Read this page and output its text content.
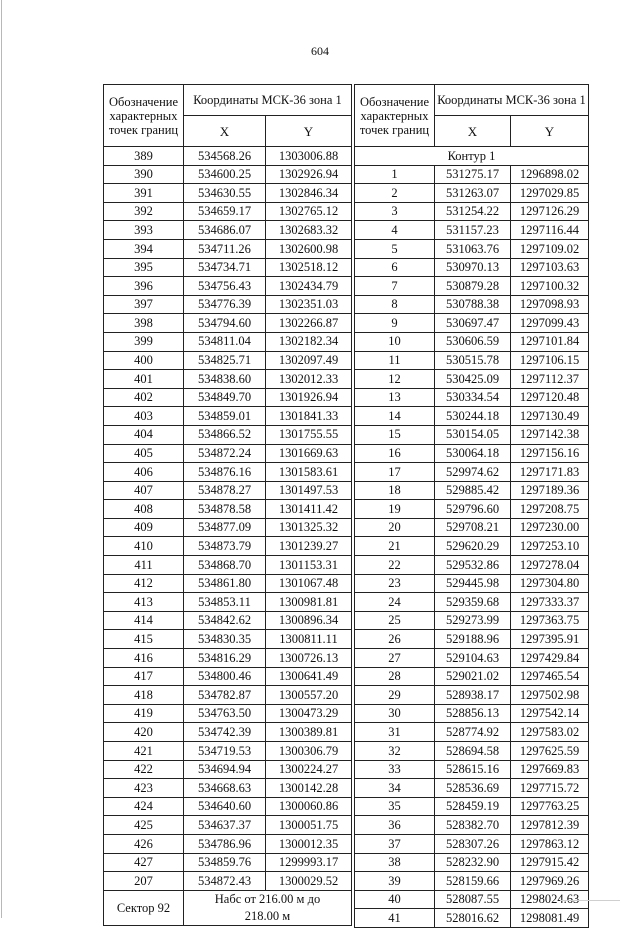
604
Обозначение характерных точек границ	Координаты МСК-36 зона 1	
	X	Y
389	534568.26	1303006.88
390	534600.25	1302926.94
391	534630.55	1302846.34
392	534659.17	1302765.12
393	534686.07	1302683.32
394	534711.26	1302600.98
395	534734.71	1302518.12
396	534756.43	1302434.79
397	534776.39	1302351.03
398	534794.60	1302266.87
399	534811.04	1302182.34
400	534825.71	1302097.49
401	534838.60	1302012.33
402	534849.70	1301926.94
403	534859.01	1301841.33
404	534866.52	1301755.55
405	534872.24	1301669.63
406	534876.16	1301583.61
407	534878.27	1301497.53
408	534878.58	1301411.42
409	534877.09	1301325.32
410	534873.79	1301239.27
411	534868.70	1301153.31
412	534861.80	1301067.48
413	534853.11	1300981.81
414	534842.62	1300896.34
415	534830.35	1300811.11
416	534816.29	1300726.13
417	534800.46	1300641.49
418	534782.87	1300557.20
419	534763.50	1300473.29
420	534742.39	1300389.81
421	534719.53	1300306.79
422	534694.94	1300224.27
423	534668.63	1300142.28
424	534640.60	1300060.86
425	534637.37	1300051.75
426	534786.96	1300012.35
427	534859.76	1299993.17
207	534872.43	1300029.52
Сектор 92	Набс от 216.00 м до 218.00 м	

Обозначение характерных точек границ	Координаты МСК-36 зона 1	
	X	Y
Контур 1		
1	531275.17	1296898.02
2	531263.07	1297029.85
3	531254.22	1297126.29
4	531157.23	1297116.44
5	531063.76	1297109.02
6	530970.13	1297103.63
7	530879.28	1297100.32
8	530788.38	1297098.93
9	530697.47	1297099.43
10	530606.59	1297101.84
11	530515.78	1297106.15
12	530425.09	1297112.37
13	530334.54	1297120.48
14	530244.18	1297130.49
15	530154.05	1297142.38
16	530064.18	1297156.16
17	529974.62	1297171.83
18	529885.42	1297189.36
19	529796.60	1297208.75
20	529708.21	1297230.00
21	529620.29	1297253.10
22	529532.86	1297278.04
23	529445.98	1297304.80
24	529359.68	1297333.37
25	529273.99	1297363.75
26	529188.96	1297395.91
27	529104.63	1297429.84
28	529021.02	1297465.54
29	528938.17	1297502.98
30	528856.13	1297542.14
31	528774.92	1297583.02
32	528694.58	1297625.59
33	528615.16	1297669.83
34	528536.69	1297715.72
35	528459.19	1297763.25
36	528382.70	1297812.39
37	528307.26	1297863.12
38	528232.90	1297915.42
39	528159.66	1297969.26
40	528087.55	1298024.63
41	528016.62	1298081.49
